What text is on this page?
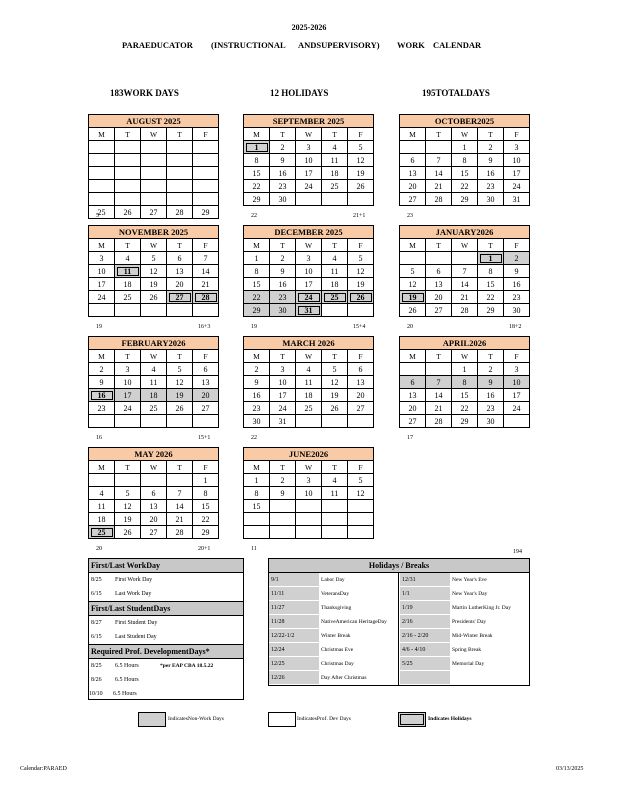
2025-2026
PARAEDUCATOR (INSTRUCTIONAL ANDSUPERVISORY) WORK CALENDAR
183WORK DAYS	12 HOLIDAYS	195TOTALDAYS
AUGUST 2025				
M	T	W	T	F

25	26	27	28	29
5
SEPTEMBER 2025				
M	T	W	T	F
1	2	3	4	5
8	9	10	11	12
15	16	17	18	19
22	23	24	25	26
29	30			
22	21+1
OCTOBER2025				
M	T	W	T	F
		1	2	3
6	7	8	9	10
13	14	15	16	17
20	21	22	23	24
27	28	29	30	31
23
NOVEMBER 2025				
M	T	W	T	F
3	4	5	6	7
10	11	12	13	14
17	18	19	20	21
24	25	26	27	28

19	16+3
DECEMBER 2025				
M	T	W	T	F
1	2	3	4	5
8	9	10	11	12
15	16	17	18	19
22	23	24	25	26
29	30	31		
19	15+4
JANUARY2026				
M	T	W	T	F
			1	2
5	6	7	8	9
12	13	14	15	16
19	20	21	22	23
26	27	28	29	30
20	18+2
FEBRUARY2026				
M	T	W	T	F
2	3	4	5	6
9	10	11	12	13
16	17	18	19	20
23	24	25	26	27

16	15+1
MARCH 2026				
M	T	W	T	F
2	3	4	5	6
9	10	11	12	13
16	17	18	19	20
23	24	25	26	27
30	31			
22
APRIL2026				
M	T	W	T	F
		1	2	3
6	7	8	9	10
13	14	15	16	17
20	21	22	23	24
27	28	29	30	
17
MAY 2026				
M	T	W	T	F
				1
4	5	6	7	8
11	12	13	14	15
18	19	20	21	22
25	26	27	28	29
20	20+1
JUNE2026				
M	T	W	T	F
1	2	3	4	5
8	9	10	11	12
15				

11	194
First/Last WorkDay
8/25 First Work Day
6/15 Last Work Day
First/Last StudentDays
8/27 First Student Day
6/15 Last Student Day
Required Prof. DevelopmentDays*
8/25 6.5 Hours	*per EAP CBA 18.5.22
8/26 6.5 Hours
10/10 6.5 Hours
Holidays / Breaks
9/1	Labor Day
11/11	VeteransDay
11/27	Thanksgiving
11/28	NativeAmerican HeritageDay
12/22-1/2	Winter Break
12/24	Christmas Eve
12/25	Christmas Day
12/26	Day After Christmas
12/31	New Year's Eve
1/1	New Year's Day
1/19	Martin LutherKing Jr. Day
2/16	Presidents' Day
2/16 - 2/20	Mid-Winter Break
4/6 - 4/10	Spring Break
5/25	Memorial Day
IndicatesNon-Work Days	IndicatesProf. Dev Days	Indicates Holidays
Calendar:PARAED	03/13/2025
